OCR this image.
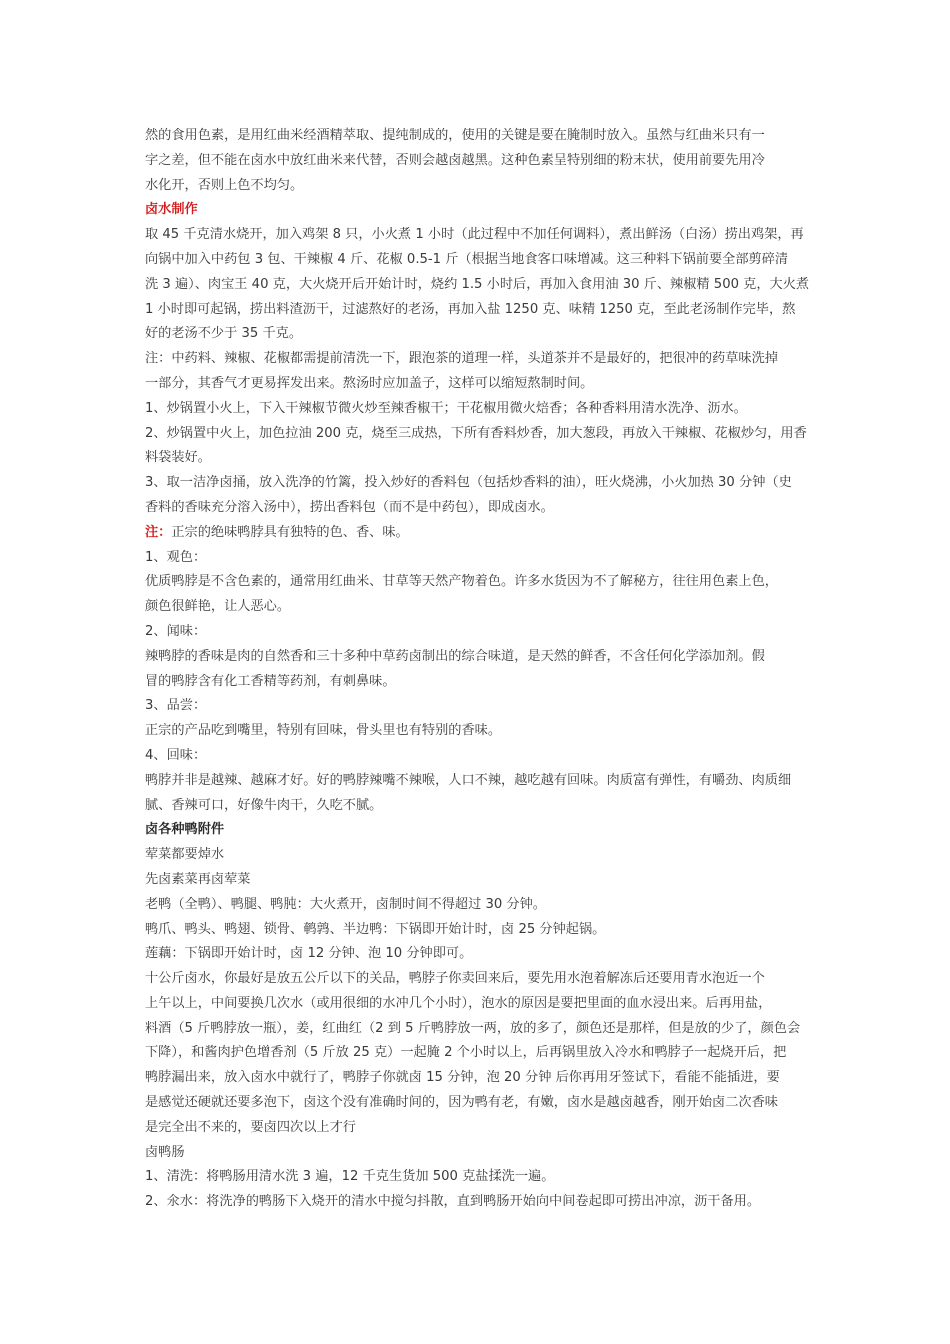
然的食用色素，是用红曲米经酒精萃取、提纯制成的，使用的关键是要在腌制时放入。虽然与红曲米只有一
字之差，但不能在卤水中放红曲米来代替，否则会越卤越黑。这种色素呈特别细的粉末状，使用前要先用冷
水化开，否则上色不均匀。
卤水制作
取 45 千克清水烧开，加入鸡架 8 只，小火煮 1 小时（此过程中不加任何调料），煮出鲜汤（白汤）捞出鸡架，再
向锅中加入中药包 3 包、干辣椒 4 斤、花椒 0.5-1 斤（根据当地食客口味增减。这三种料下锅前要全部剪碎清
洗 3 遍）、肉宝王 40 克，大火烧开后开始计时，烧约 1.5 小时后，再加入食用油 30 斤、辣椒精 500 克，大火煮
1 小时即可起锅，捞出料渣沥干，过滤熬好的老汤，再加入盐 1250 克、味精 1250 克，至此老汤制作完毕，熬
好的老汤不少于 35 千克。
注：中药料、辣椒、花椒都需提前清洗一下，跟泡茶的道理一样，头道茶并不是最好的，把很冲的药草味洗掉
一部分，其香气才更易挥发出来。熬汤时应加盖子，这样可以缩短熬制时间。
1、炒锅置小火上，下入干辣椒节微火炒至辣香椒干；干花椒用微火焙香；各种香料用清水洗净、沥水。
2、炒锅置中火上，加色拉油 200 克，烧至三成热，下所有香料炒香，加大葱段，再放入干辣椒、花椒炒匀，用香
料袋装好。
3、取一洁净卤捅，放入洗净的竹篱，投入炒好的香料包（包括炒香料的油），旺火烧沸，小火加热 30 分钟（史
香料的香味充分溶入汤中），捞出香料包（而不是中药包），即成卤水。
注：正宗的绝味鸭脖具有独特的色、香、味。
1、观色：
优质鸭脖是不含色素的，通常用红曲米、甘草等天然产物着色。许多水货因为不了解秘方，往往用色素上色，
颜色很鲜艳，让人恶心。
2、闻味：
辣鸭脖的香味是肉的自然香和三十多种中草药卤制出的综合味道，是天然的鲜香，不含任何化学添加剂。假
冒的鸭脖含有化工香精等药剂，有刺鼻味。
3、品尝：
正宗的产品吃到嘴里，特别有回味，骨头里也有特别的香味。
4、回味：
鸭脖并非是越辣、越麻才好。好的鸭脖辣嘴不辣喉，人口不辣，越吃越有回味。肉质富有弹性，有嚼劲、肉质细
腻、香辣可口，好像牛肉干，久吃不腻。
卤各种鸭附件
荤菜都要焯水
先卤素菜再卤荤菜
老鸭（全鸭）、鸭腿、鸭肫：大火煮开，卤制时间不得超过 30 分钟。
鸭爪、鸭头、鸭翅、锁骨、鹌鹑、半边鸭：下锅即开始计时，卤 25 分钟起锅。
莲藕：下锅即开始计时，卤 12 分钟、泡 10 分钟即可。
十公斤卤水，你最好是放五公斤以下的关品，鸭脖子你卖回来后，要先用水泡着解冻后还要用青水泡近一个
上午以上，中间要换几次水（或用很细的水冲几个小时），泡水的原因是要把里面的血水浸出来。后再用盐，
料酒（5 斤鸭脖放一瓶），姜，红曲红（2 到 5 斤鸭脖放一两，放的多了，颜色还是那样，但是放的少了，颜色会
下降），和酱肉护色增香剂（5 斤放 25 克）一起腌 2 个小时以上，后再锅里放入冷水和鸭脖子一起烧开后，把
鸭脖漏出来，放入卤水中就行了，鸭脖子你就卤 15 分钟，泡 20 分钟 后你再用牙签试下，看能不能插进，要
是感觉还硬就还要多泡下，卤这个没有准确时间的，因为鸭有老，有嫩，卤水是越卤越香，刚开始卤二次香味
是完全出不来的，要卤四次以上才行
卤鸭肠
1、清洗：将鸭肠用清水洗 3 遍，12 千克生货加 500 克盐揉洗一遍。
2、氽水：将洗净的鸭肠下入烧开的清水中搅匀抖散，直到鸭肠开始向中间卷起即可捞出冲凉，沥干备用。
